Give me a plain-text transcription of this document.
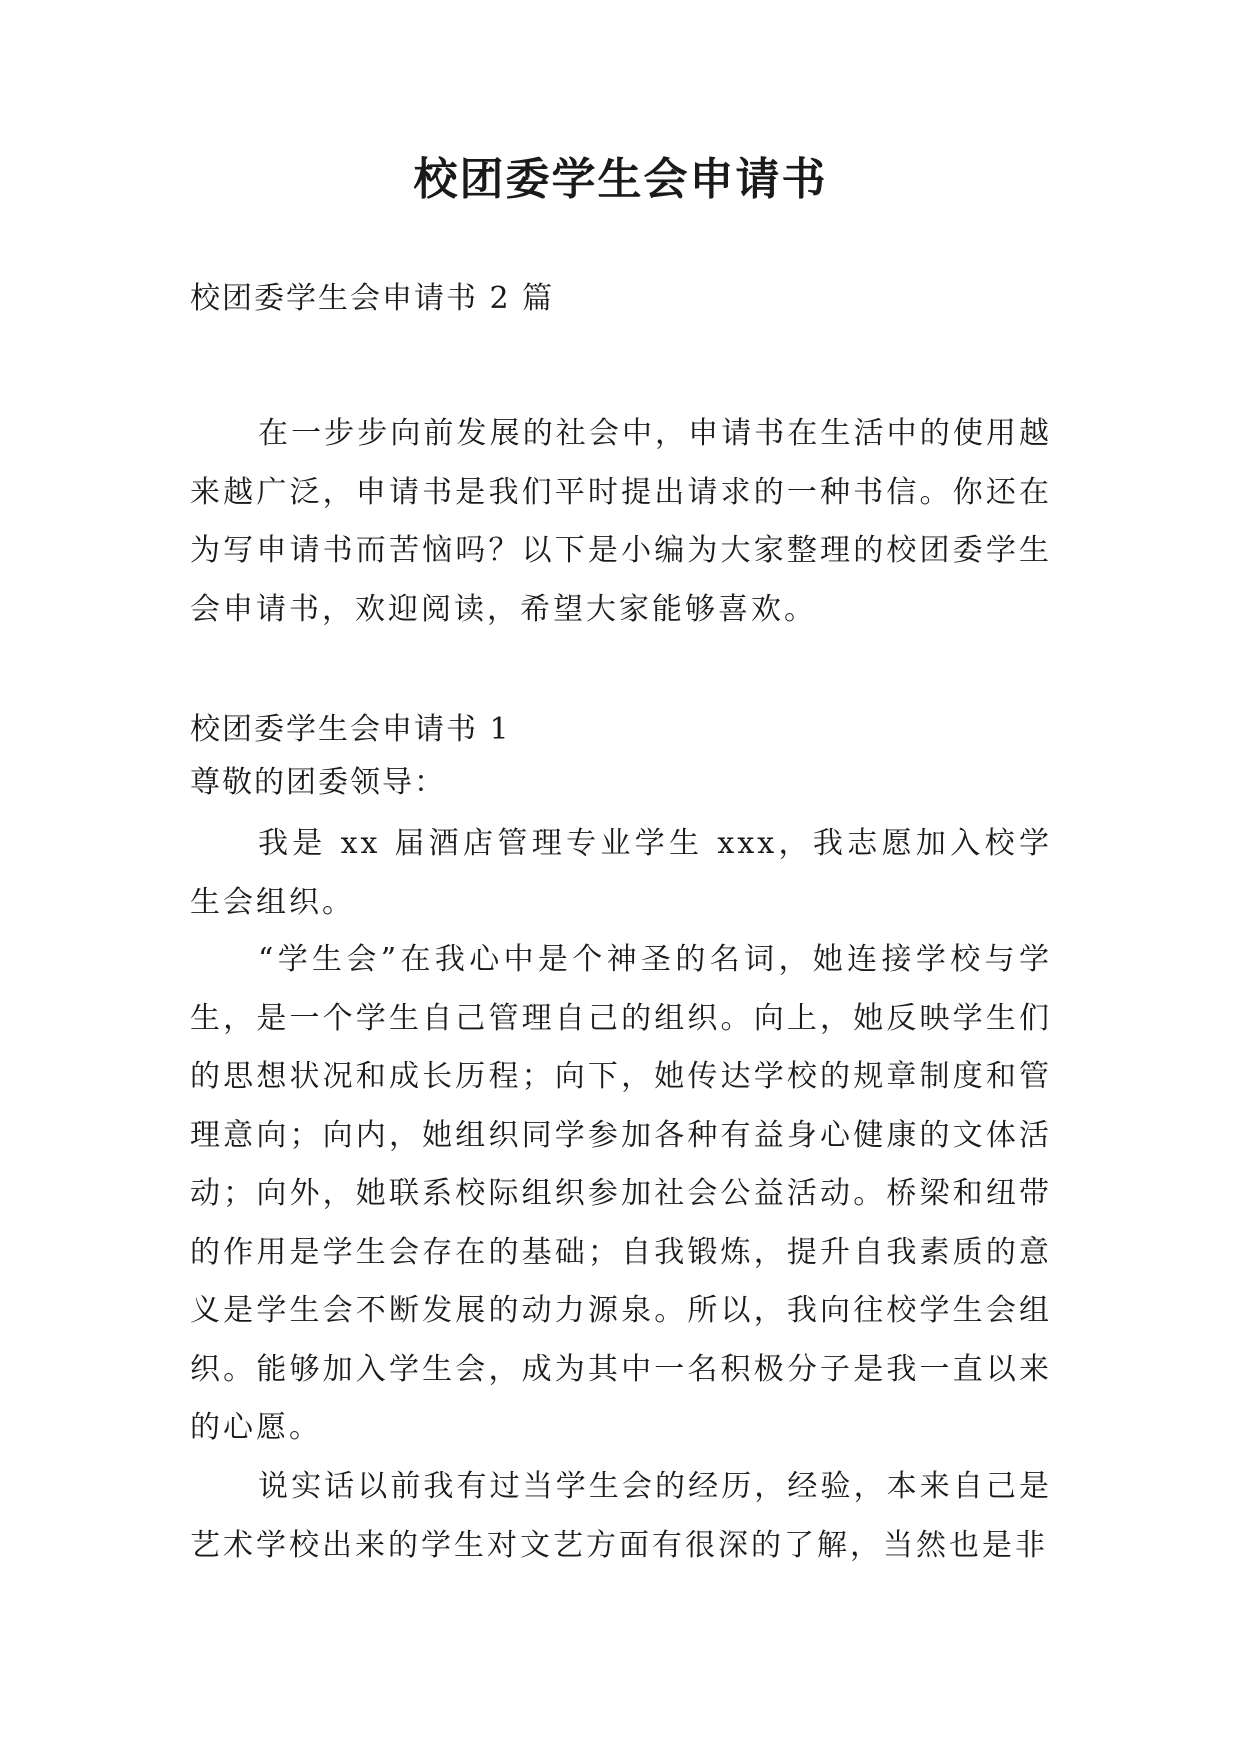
校团委学生会申请书
校团委学生会申请书 2 篇
在一步步向前发展的社会中，申请书在生活中的使用越来越广泛，申请书是我们平时提出请求的一种书信。你还在为写申请书而苦恼吗？以下是小编为大家整理的校团委学生会申请书，欢迎阅读，希望大家能够喜欢。
校团委学生会申请书 1
尊敬的团委领导：
我是 xx 届酒店管理专业学生 xxx，我志愿加入校学生会组织。
“学生会”在我心中是个神圣的名词，她连接学校与学生，是一个学生自己管理自己的组织。向上，她反映学生们的思想状况和成长历程；向下，她传达学校的规章制度和管理意向；向内，她组织同学参加各种有益身心健康的文体活动；向外，她联系校际组织参加社会公益活动。桥梁和纽带的作用是学生会存在的基础；自我锻炼，提升自我素质的意义是学生会不断发展的动力源泉。所以，我向往校学生会组织。能够加入学生会，成为其中一名积极分子是我一直以来的心愿。
说实话以前我有过当学生会的经历，经验，本来自己是艺术学校出来的学生对文艺方面有很深的了解，当然也是非
